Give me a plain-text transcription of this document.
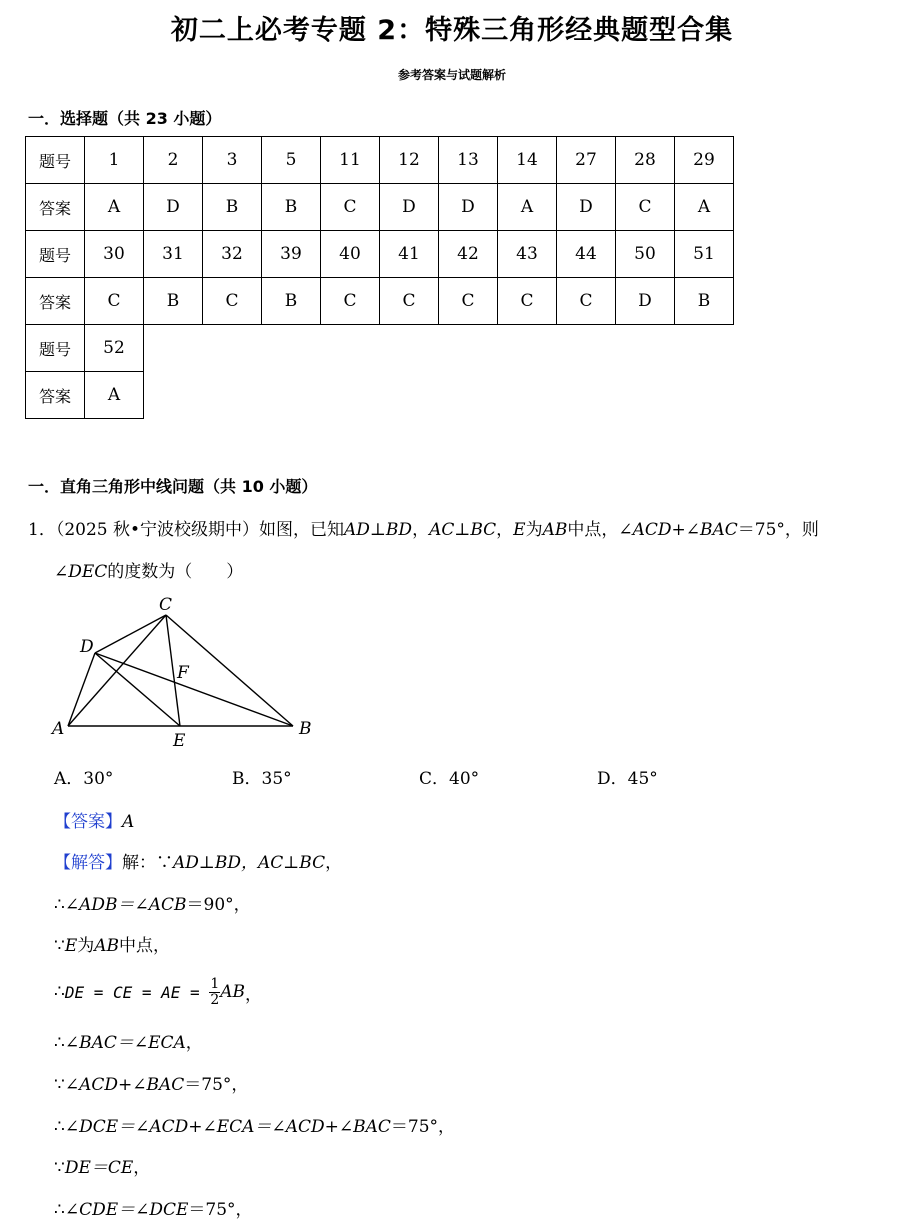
初二上必考专题 2：特殊三角形经典题型合集
参考答案与试题解析
一．选择题（共 23 小题）
题号	1	2	3	5	11	12	13	14	27	28	29
答案	A	D	B	B	C	D	D	A	D	C	A
题号	30	31	32	39	40	41	42	43	44	50	51
答案	C	B	C	B	C	C	C	C	C	D	B
题号	52										
答案	A										
一．直角三角形中线问题（共 10 小题）
1．（2025 秋•宁波校级期中）如图，已知AD⊥BD，AC⊥BC，E为AB中点，∠ACD+∠BAC＝75°，则
∠DEC的度数为（　　）
A	B
C
D
E
F
A．30°	B．35°	C．40°	D．45°
【答案】A
【解答】解：∵AD⊥BD，AC⊥BC，
∴∠ADB＝∠ACB＝90°，
∵E为AB中点，
∴ DE = CE = AE = $\frac{1}{2}$ AB ，
∴∠BAC＝∠ECA，
∵∠ACD+∠BAC＝75°，
∴∠DCE＝∠ACD+∠ECA＝∠ACD+∠BAC＝75°，
∵DE＝CE，
∴∠CDE＝∠DCE＝75°，
